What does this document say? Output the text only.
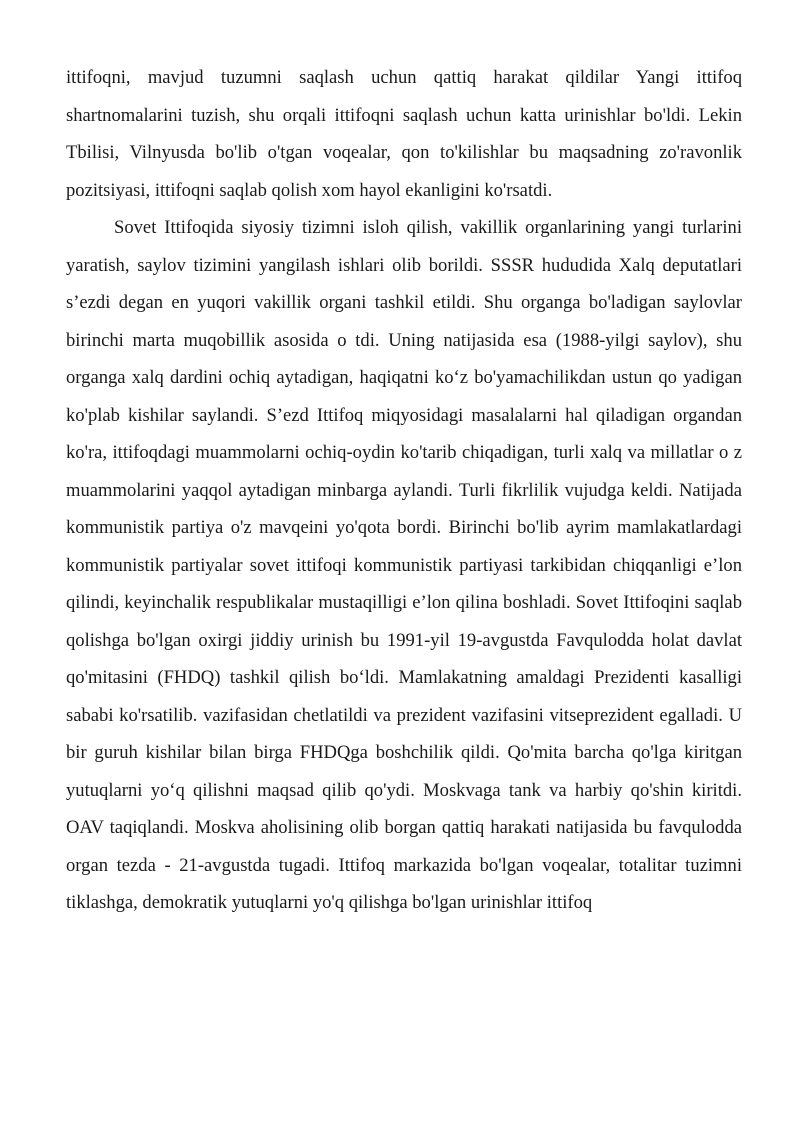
ittifoqni, mavjud tuzumni saqlash uchun qattiq harakat qildilar Yangi ittifoq shartnomalarini tuzish, shu orqali ittifoqni saqlash uchun katta urinishlar bo'ldi. Lekin Tbilisi, Vilnyusda bo'lib o'tgan voqealar, qon to'kilishlar bu maqsadning zo'ravonlik pozitsiyasi, ittifoqni saqlab qolish xom hayol ekanligini ko'rsatdi.

Sovet Ittifoqida siyosiy tizimni isloh qilish, vakillik organlarining yangi turlarini yaratish, saylov tizimini yangilash ishlari olib borildi. SSSR hududida Xalq deputatlari s’ezdi degan en yuqori vakillik organi tashkil etildi. Shu organga bo'ladigan saylovlar birinchi marta muqobillik asosida o tdi. Uning natijasida esa (1988-yilgi saylov), shu organga xalq dardini ochiq aytadigan, haqiqatni ko‘z bo'yamachilikdan ustun qo yadigan ko'plab kishilar saylandi. S’ezd Ittifoq miqyosidagi masalalarni hal qiladigan organdan ko'ra, ittifoqdagi muammolarni ochiq-oydin ko'tarib chiqadigan, turli xalq va millatlar o z muammolarini yaqqol aytadigan minbarga aylandi. Turli fikrlilik vujudga keldi. Natijada kommunistik partiya o'z mavqeini yo'qota bordi. Birinchi bo'lib ayrim mamlakatlardagi kommunistik partiyalar sovet ittifoqi kommunistik partiyasi tarkibidan chiqqanligi e’lon qilindi, keyinchalik respublikalar mustaqilligi e’lon qilina boshladi. Sovet Ittifoqini saqlab qolishga bo'lgan oxirgi jiddiy urinish bu 1991-yil 19-avgustda Favqulodda holat davlat qo'mitasini (FHDQ) tashkil qilish bo‘ldi. Mamlakatning amaldagi Prezidenti kasalligi sababi ko'rsatilib. vazifasidan chetlatildi va prezident vazifasini vitseprezident egalladi. U bir guruh kishilar bilan birga FHDQga boshchilik qildi. Qo'mita barcha qo'lga kiritgan yutuqlarni yo‘q qilishni maqsad qilib qo'ydi. Moskvaga tank va harbiy qo'shin kiritdi. OAV taqiqlandi. Moskva aholisining olib borgan qattiq harakati natijasida bu favqulodda organ tezda - 21-avgustda tugadi. Ittifoq markazida bo'lgan voqealar, totalitar tuzimni tiklashga, demokratik yutuqlarni yo'q qilishga bo'lgan urinishlar ittifoq
